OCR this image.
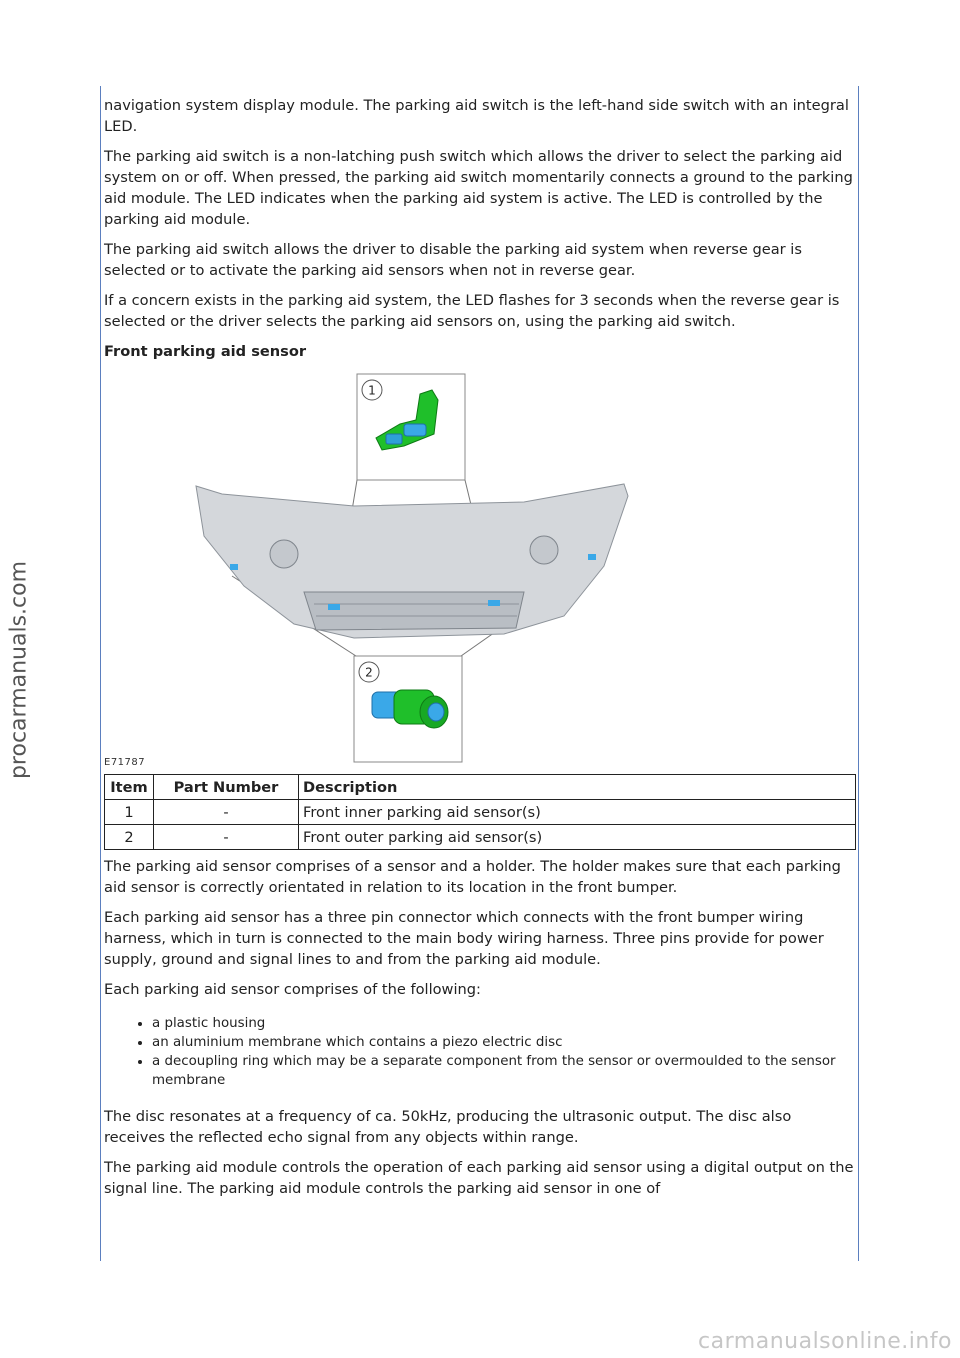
procarmanuals.com

navigation system display module. The parking aid switch is the left-hand side switch with an integral LED.

The parking aid switch is a non-latching push switch which allows the driver to select the parking aid system on or off. When pressed, the parking aid switch momentarily connects a ground to the parking aid module. The LED indicates when the parking aid system is active. The LED is controlled by the parking aid module.

The parking aid switch allows the driver to disable the parking aid system when reverse gear is selected or to activate the parking aid sensors when not in reverse gear.

If a concern exists in the parking aid system, the LED flashes for 3 seconds when the reverse gear is selected or the driver selects the parking aid sensors on, using the parking aid switch.

Front parking aid sensor
1
2
E71787
Item	Part Number	Description
1	-	Front inner parking aid sensor(s)
2	-	Front outer parking aid sensor(s)

The parking aid sensor comprises of a sensor and a holder. The holder makes sure that each parking aid sensor is correctly orientated in relation to its location in the front bumper.

Each parking aid sensor has a three pin connector which connects with the front bumper wiring harness, which in turn is connected to the main body wiring harness. Three pins provide for power supply, ground and signal lines to and from the parking aid module.

Each parking aid sensor comprises of the following:

• a plastic housing
• an aluminium membrane which contains a piezo electric disc
• a decoupling ring which may be a separate component from the sensor or overmoulded to the sensor membrane

The disc resonates at a frequency of ca. 50kHz, producing the ultrasonic output. The disc also receives the reflected echo signal from any objects within range.

The parking aid module controls the operation of each parking aid sensor using a digital output on the signal line. The parking aid module controls the parking aid sensor in one of

carmanualsonline.info
